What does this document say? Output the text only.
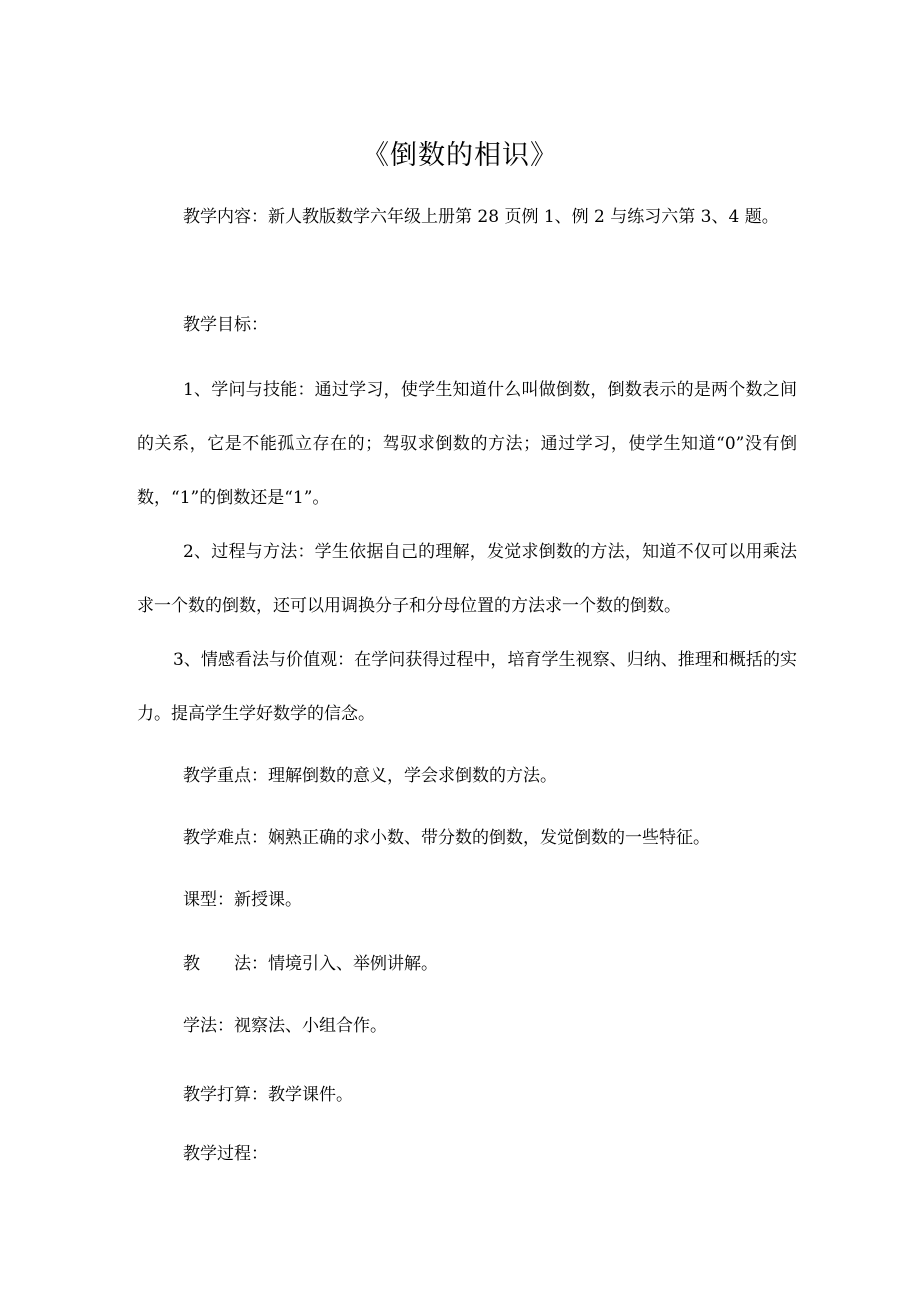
《倒数的相识》

教学内容：新人教版数学六年级上册第 28 页例 1、例 2 与练习六第 3、4 题。

教学目标：

1、学问与技能：通过学习，使学生知道什么叫做倒数，倒数表示的是两个数之间的关系，它是不能孤立存在的；驾驭求倒数的方法；通过学习，使学生知道“0”没有倒数，“1”的倒数还是“1”。

2、过程与方法：学生依据自己的理解，发觉求倒数的方法，知道不仅可以用乘法求一个数的倒数，还可以用调换分子和分母位置的方法求一个数的倒数。

3、情感看法与价值观：在学问获得过程中，培育学生视察、归纳、推理和概括的实力。提高学生学好数学的信念。

教学重点：理解倒数的意义，学会求倒数的方法。

教学难点：娴熟正确的求小数、带分数的倒数，发觉倒数的一些特征。

课型：新授课。

教　　法：情境引入、举例讲解。

学法：视察法、小组合作。

教学打算：教学课件。

教学过程：
